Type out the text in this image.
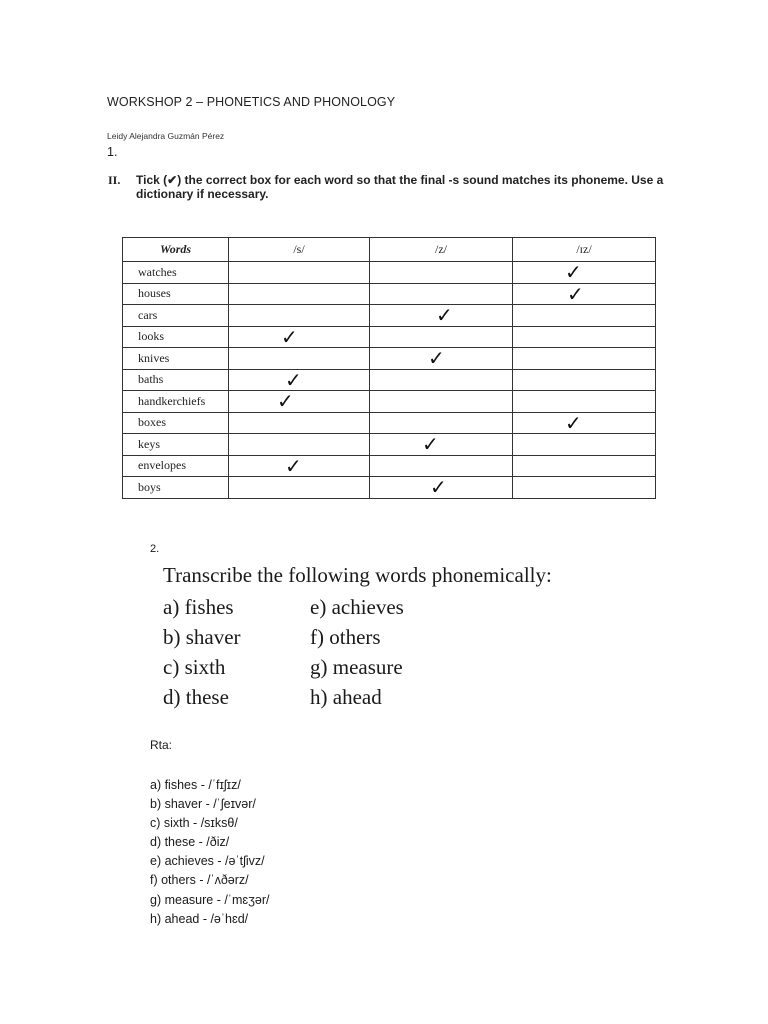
WORKSHOP 2 – PHONETICS AND PHONOLOGY
Leidy Alejandra Guzmán Pérez
1.
II. Tick (✔) the correct box for each word so that the final -s sound matches its phoneme. Use a
dictionary if necessary.
Words	/s/	/z/	/ɪz/
watches			✓

houses			✓

cars		✓	

looks	✓		

knives		✓	

baths	✓		

handkerchiefs	✓		

boxes			✓

keys		✓	

envelopes	✓		

boys		✓	

2.
Transcribe the following words phonemically:
a) fishes
b) shaver
c) sixth
d) these
e) achieves
f) others
g) measure
h) ahead
Rta:
a) fishes - /ˈfɪʃɪz/
b) shaver - /ˈʃeɪvər/
c) sixth - /sɪksθ/
d) these - /ðiz/
e) achieves - /əˈtʃivz/
f) others - /ˈʌðərz/
g) measure - /ˈmɛʒər/
h) ahead - /əˈhɛd/
